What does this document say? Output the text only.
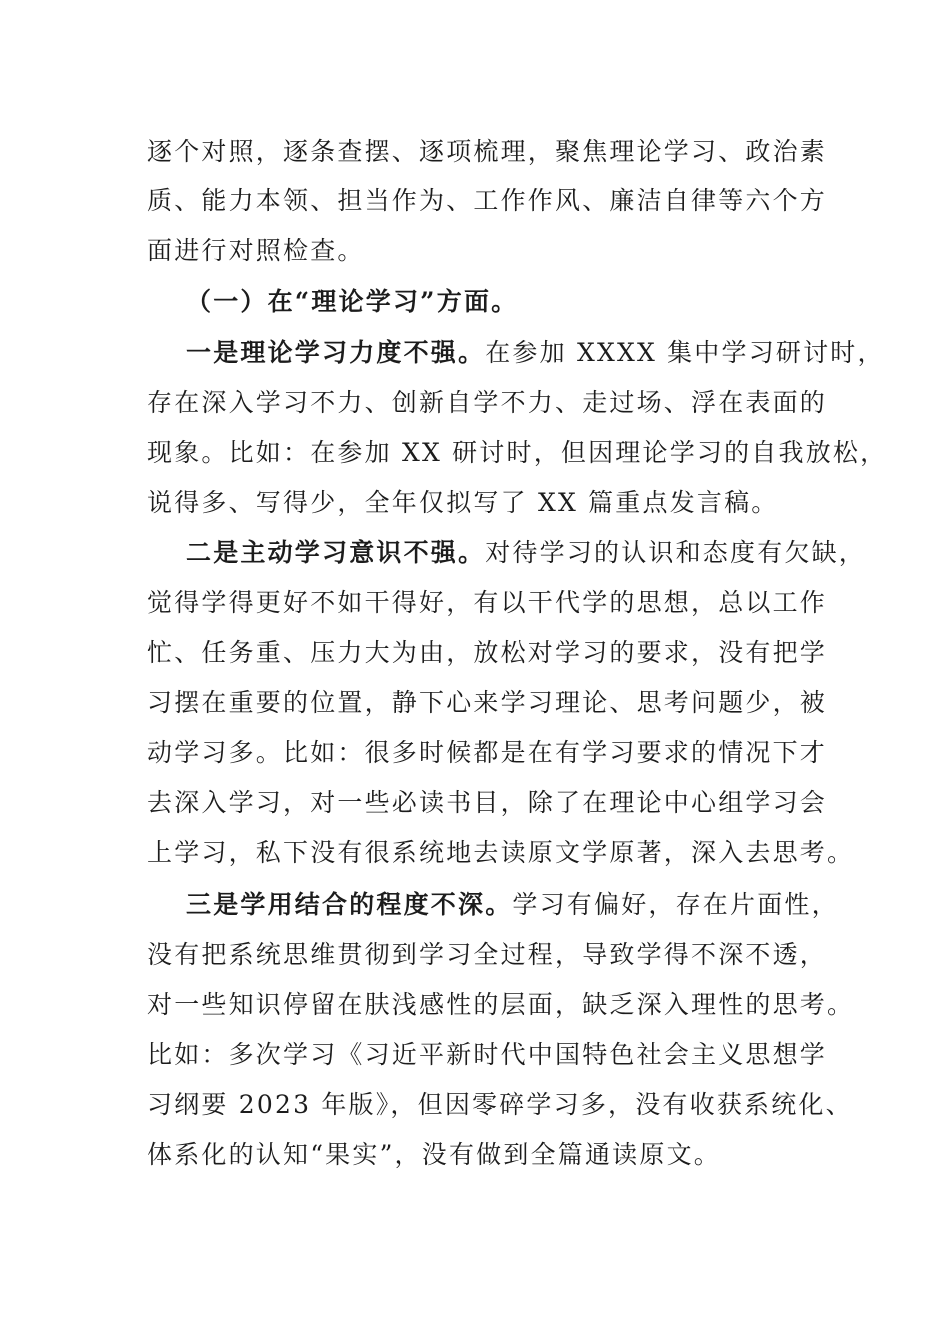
逐个对照，逐条查摆、逐项梳理，聚焦理论学习、政治素
质、能力本领、担当作为、工作作风、廉洁自律等六个方
面进行对照检查。
（一）在“理论学习”方面。
一是理论学习力度不强。在参加 XXXX 集中学习研讨时，
存在深入学习不力、创新自学不力、走过场、浮在表面的
现象。比如：在参加 XX 研讨时，但因理论学习的自我放松，
说得多、写得少，全年仅拟写了 XX 篇重点发言稿。
二是主动学习意识不强。对待学习的认识和态度有欠缺，
觉得学得更好不如干得好，有以干代学的思想，总以工作
忙、任务重、压力大为由，放松对学习的要求，没有把学
习摆在重要的位置，静下心来学习理论、思考问题少，被
动学习多。比如：很多时候都是在有学习要求的情况下才
去深入学习，对一些必读书目，除了在理论中心组学习会
上学习，私下没有很系统地去读原文学原著，深入去思考。
三是学用结合的程度不深。学习有偏好，存在片面性，
没有把系统思维贯彻到学习全过程，导致学得不深不透，
对一些知识停留在肤浅感性的层面，缺乏深入理性的思考。
比如：多次学习《习近平新时代中国特色社会主义思想学
习纲要 2023 年版》，但因零碎学习多，没有收获系统化、
体系化的认知“果实”，没有做到全篇通读原文。
